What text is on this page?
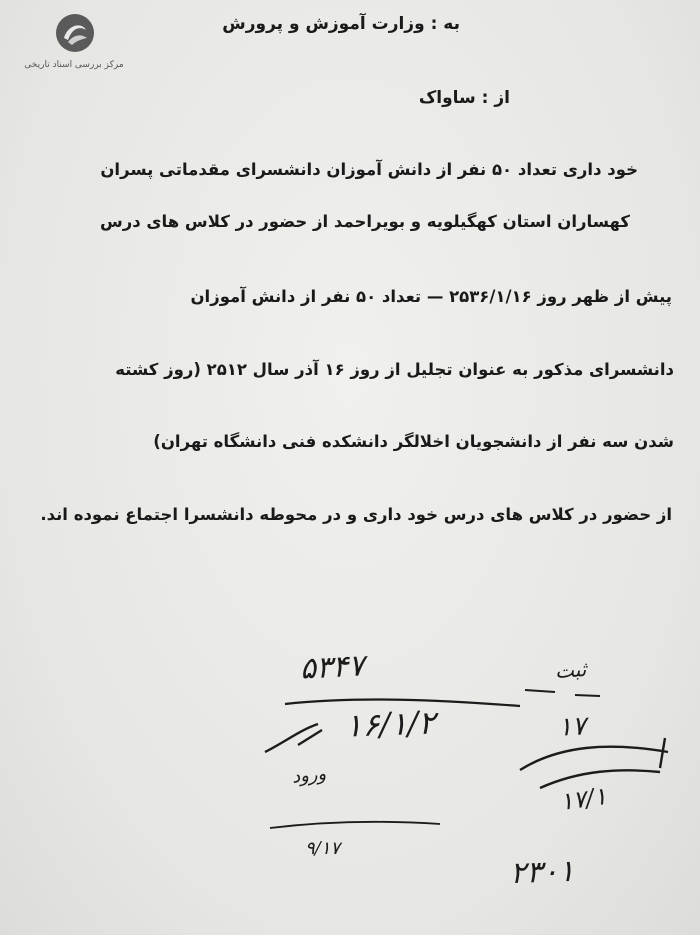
مرکز بررسی اسناد تاریخی
به : وزارت آموزش و پرورش
از : ساواک
خود داری تعداد ۵۰ نفر از دانش آموزان دانشسرای مقدماتی پسران
کهساران استان کهگیلویه و بویراحمد از حضور در کلاس های درس
پیش از ظهر روز ۲۵۳۶/۱/۱۶ — تعداد ۵۰ نفر از دانش آموزان
دانشسرای مذکور به عنوان تجلیل از روز ۱۶ آذر سال ۲۵۱۲ (روز کشته
شدن سه نفر از دانشجویان اخلالگر دانشکده فنی دانشگاه تهران)
از حضور در کلاس های درس خود داری و در محوطه دانشسرا اجتماع نموده اند.
۵۳۴۷
۱۶/۱/۲
ورود
۹/۱۷
ثبت
۱۷
۱۷/۱
۲۳۰۱
